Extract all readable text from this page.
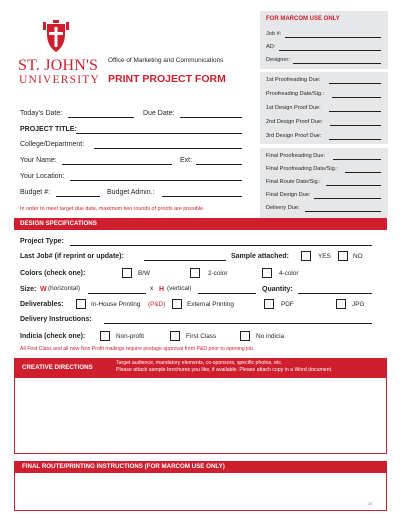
ST. JOHN'S
UNIVERSITY
Office of Marketing and Communications
PRINT PROJECT FORM
FOR MARCOM USE ONLY
Job #:
AD:
Designer:
1st Proofreading Due:
Proofreading Date/Sig.:
1st Design Proof Due:
2nd Design Proof Due:
3rd Design Proof Due:
Final Proofreading Due:
Final Proofreading Date/Sig.:
Final Route Date/Sig.:
Final Design Due:
Delivery Due:
Today's Date:	Due Date:
PROJECT TITLE:
College/Department:
Your Name:	Ext:
Your Location:
Budget #:	Budget Admin.:
In order to meet target due date, maximum two rounds of proofs are possible.
DESIGN SPECIFICATIONS
Project Type:
Last Job# (if reprint or update):	Sample attached:	YES	NO
Colors (check one):	B/W	2-color	4-color
Size: W (horizontal)	x H (vertical)	Quantity:
Deliverables:	In-House Printing (P&D)	External Printing	PDF	JPG
Delivery Instructions:
Indicia (check one):	Non-profit	First Class	No indicia
All First Class and all new Non Profit mailings require postage approval from P&D prior to opening job.
CREATIVE DIRECTIONS
Target audience, mandatory elements, co-sponsors, specific photos, etc.
Please attach sample brochures you like, if available. Please attach copy in a Word document.
FINAL ROUTE/PRINTING INSTRUCTIONS (FOR MARCOM USE ONLY)
28
